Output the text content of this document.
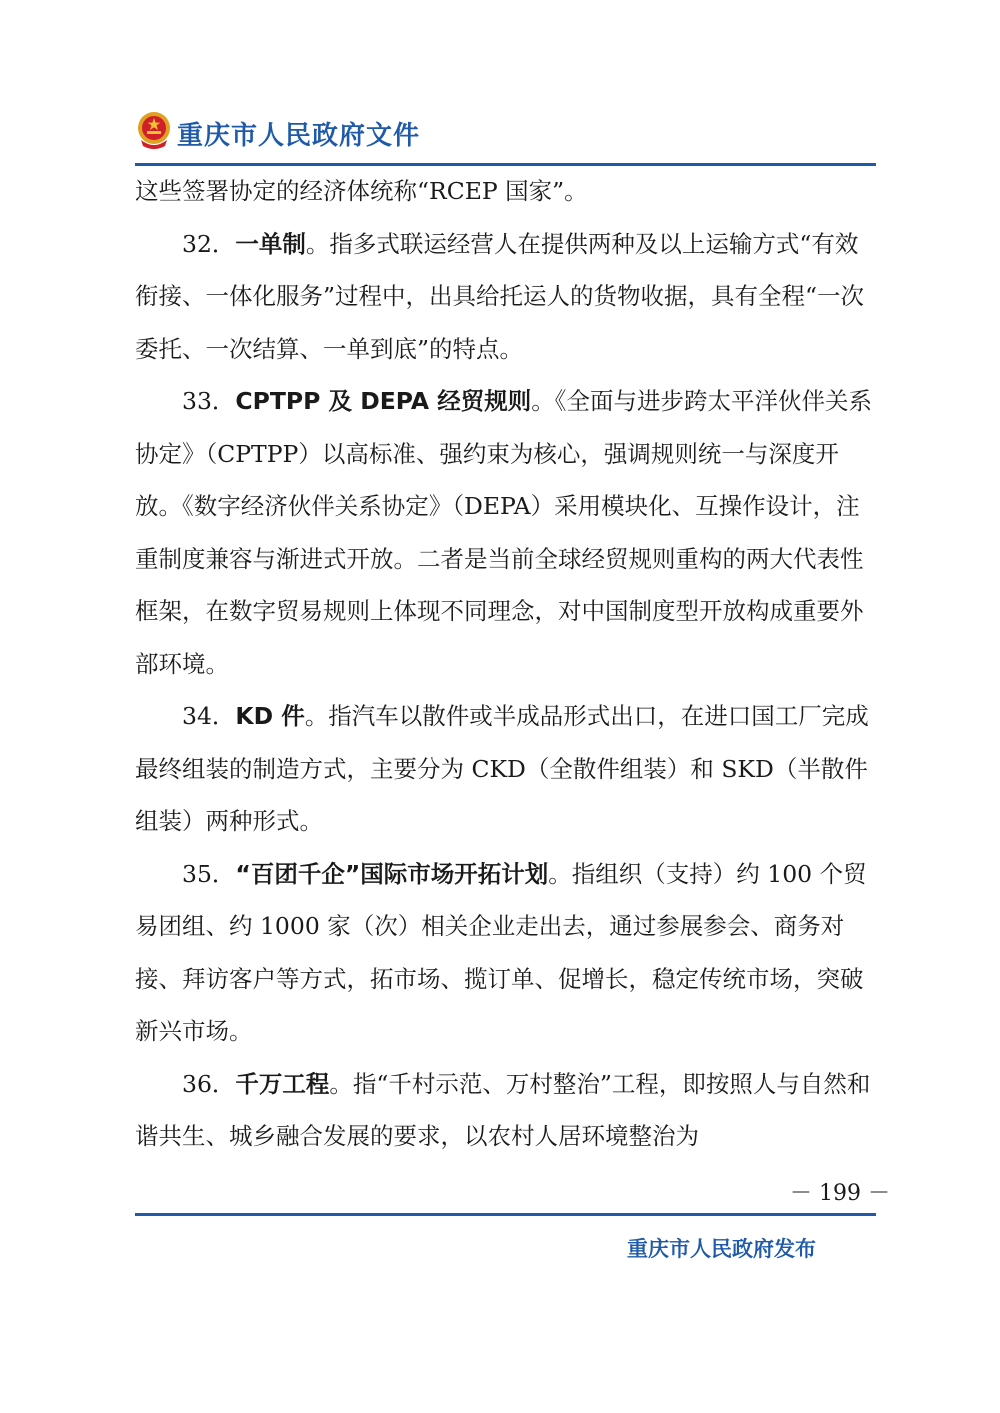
重庆市人民政府文件

这些签署协定的经济体统称“RCEP 国家”。

32．一单制。指多式联运经营人在提供两种及以上运输方式“有效衔接、一体化服务”过程中，出具给托运人的货物收据，具有全程“一次委托、一次结算、一单到底”的特点。

33．CPTPP 及 DEPA 经贸规则。《全面与进步跨太平洋伙伴关系协定》（CPTPP）以高标准、强约束为核心，强调规则统一与深度开放。《数字经济伙伴关系协定》（DEPA）采用模块化、互操作设计，注重制度兼容与渐进式开放。二者是当前全球经贸规则重构的两大代表性框架，在数字贸易规则上体现不同理念，对中国制度型开放构成重要外部环境。

34．KD 件。指汽车以散件或半成品形式出口，在进口国工厂完成最终组装的制造方式，主要分为 CKD（全散件组装）和 SKD（半散件组装）两种形式。

35．“百团千企”国际市场开拓计划。指组织（支持）约 100 个贸易团组、约 1000 家（次）相关企业走出去，通过参展参会、商务对接、拜访客户等方式，拓市场、揽订单、促增长，稳定传统市场，突破新兴市场。

36．千万工程。指“千村示范、万村整治”工程，即按照人与自然和谐共生、城乡融合发展的要求，以农村人居环境整治为

－ 199 －
重庆市人民政府发布
